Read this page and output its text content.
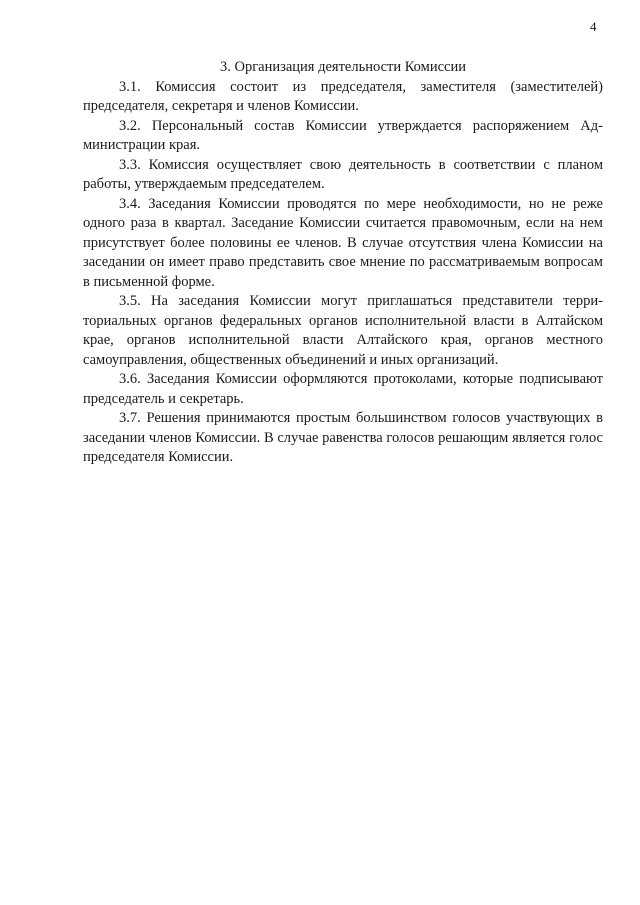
4
3. Организация деятельности Комиссии

3.1. Комиссия состоит из председателя, заместителя (заместителей) председателя, секретаря и членов Комиссии.

3.2. Персональный состав Комиссии утверждается распоряжением Администрации края.

3.3. Комиссия осуществляет свою деятельность в соответствии с планом работы, утверждаемым председателем.

3.4. Заседания Комиссии проводятся по мере необходимости, но не реже одного раза в квартал. Заседание Комиссии считается правомочным, если на нем присутствует более половины ее членов. В случае отсутствия члена Комиссии на заседании он имеет право представить свое мнение по рассматриваемым вопросам в письменной форме.

3.5. На заседания Комиссии могут приглашаться представители территориальных органов федеральных органов исполнительной власти в Алтайском крае, органов исполнительной власти Алтайского края, органов местного самоуправления, общественных объединений и иных организаций.

3.6. Заседания Комиссии оформляются протоколами, которые подписывают председатель и секретарь.

3.7. Решения принимаются простым большинством голосов участвующих в заседании членов Комиссии. В случае равенства голосов решающим является голос председателя Комиссии.
